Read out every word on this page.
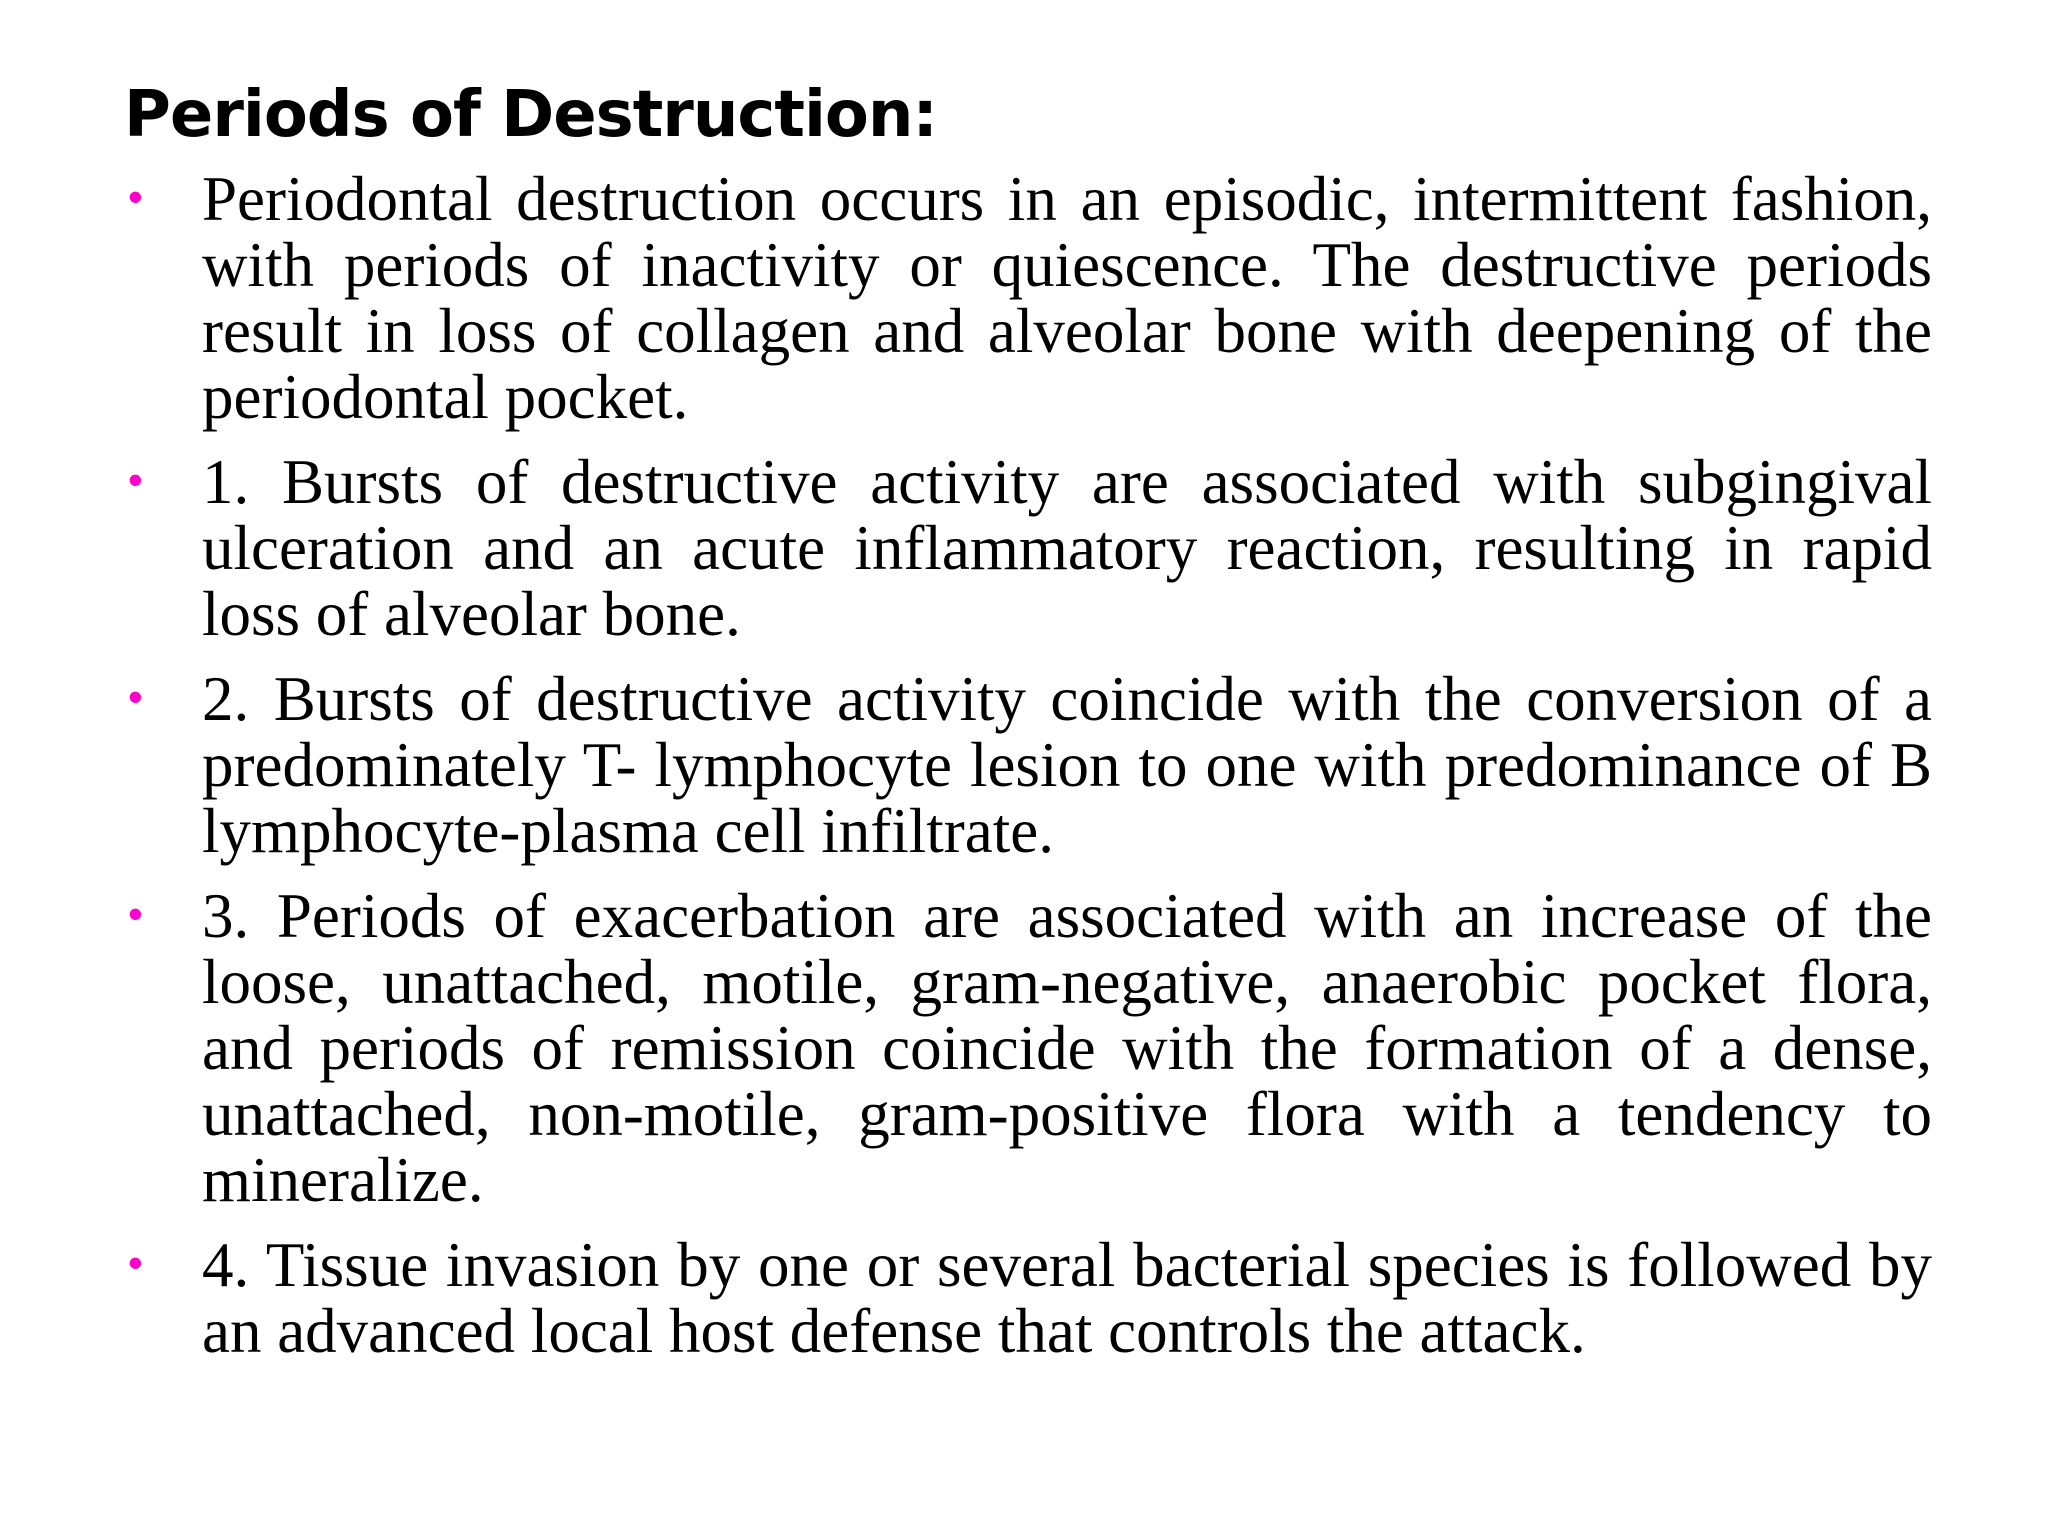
Periods of Destruction:
• Periodontal destruction occurs in an episodic, intermittent fashion, with periods of inactivity or quiescence. The destructive periods result in loss of collagen and alveolar bone with deepening of the periodontal pocket.
• 1. Bursts of destructive activity are associated with subgingival ulceration and an acute inflammatory reaction, resulting in rapid loss of alveolar bone.
• 2. Bursts of destructive activity coincide with the conversion of a predominately T- lymphocyte lesion to one with predominance of B lymphocyte-plasma cell infiltrate.
• 3. Periods of exacerbation are associated with an increase of the loose, unattached, motile, gram-negative, anaerobic pocket flora, and periods of remission coincide with the formation of a dense, unattached, non-motile, gram-positive flora with a tendency to mineralize.
• 4. Tissue invasion by one or several bacterial species is followed by an advanced local host defense that controls the attack.
